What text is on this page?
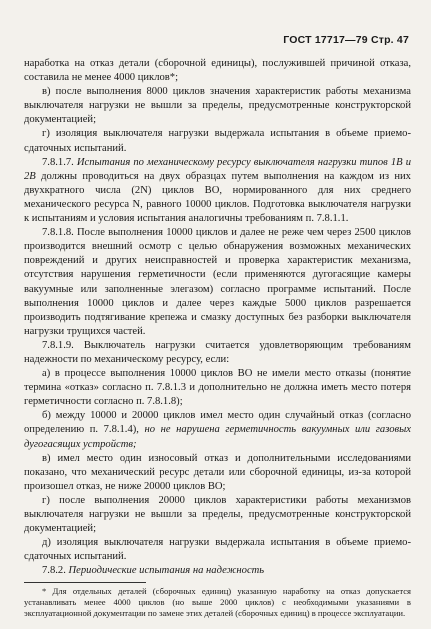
ГОСТ 17717—79 Стр. 47

наработка на отказ детали (сборочной единицы), послужившей причиной отказа, составила не менее 4000 циклов*;

в) после выполнения 8000 циклов значения характеристик работы механизма выключателя нагрузки не вышли за пределы, предусмотренные конструкторской документацией;

г) изоляция выключателя нагрузки выдержала испытания в объеме приемо-сдаточных испытаний.

7.8.1.7. Испытания по механическому ресурсу выключателя нагрузки типов 1В и 2В должны проводиться на двух образцах путем выполнения на каждом из них двухкратного числа (2N) циклов ВО, нормированного для них среднего механического ресурса N, равного 10000 циклов. Подготовка выключателя нагрузки к испытаниям и условия испытания аналогичны требованиям п. 7.8.1.1.

7.8.1.8. После выполнения 10000 циклов и далее не реже чем через 2500 циклов производится внешний осмотр с целью обнаружения возможных механических повреждений и других неисправностей и проверка характеристик механизма, отсутствия нарушения герметичности (если применяются дугогасящие камеры вакуумные или заполненные элегазом) согласно программе испытаний. После выполнения 10000 циклов и далее через каждые 5000 циклов разрешается производить подтягивание крепежа и смазку доступных без разборки выключателя нагрузки трущихся частей.

7.8.1.9. Выключатель нагрузки считается удовлетворяющим требованиям надежности по механическому ресурсу, если:

а) в процессе выполнения 10000 циклов ВО не имели место отказы (понятие термина «отказ» согласно п. 7.8.1.3 и дополнительно не должна иметь место потеря герметичности согласно п. 7.8.1.8);

б) между 10000 и 20000 циклов имел место один случайный отказ (согласно определению п. 7.8.1.4), но не нарушена герметичность вакуумных или газовых дугогасящих устройств;

в) имел место один износовый отказ и дополнительными исследованиями показано, что механический ресурс детали или сборочной единицы, из-за которой произошел отказ, не ниже 20000 циклов ВО;

г) после выполнения 20000 циклов характеристики работы механизмов выключателя нагрузки не вышли за пределы, предусмотренные конструкторской документацией;

д) изоляция выключателя нагрузки выдержала испытания в объеме приемо-сдаточных испытаний.

7.8.2. Периодические испытания на надежность

* Для отдельных деталей (сборочных единиц) указанную наработку на отказ допускается устанавливать менее 4000 циклов (но выше 2000 циклов) с необходимыми указаниями в эксплуатационной документации по замене этих деталей (сборочных единиц) в процессе эксплуатации.
